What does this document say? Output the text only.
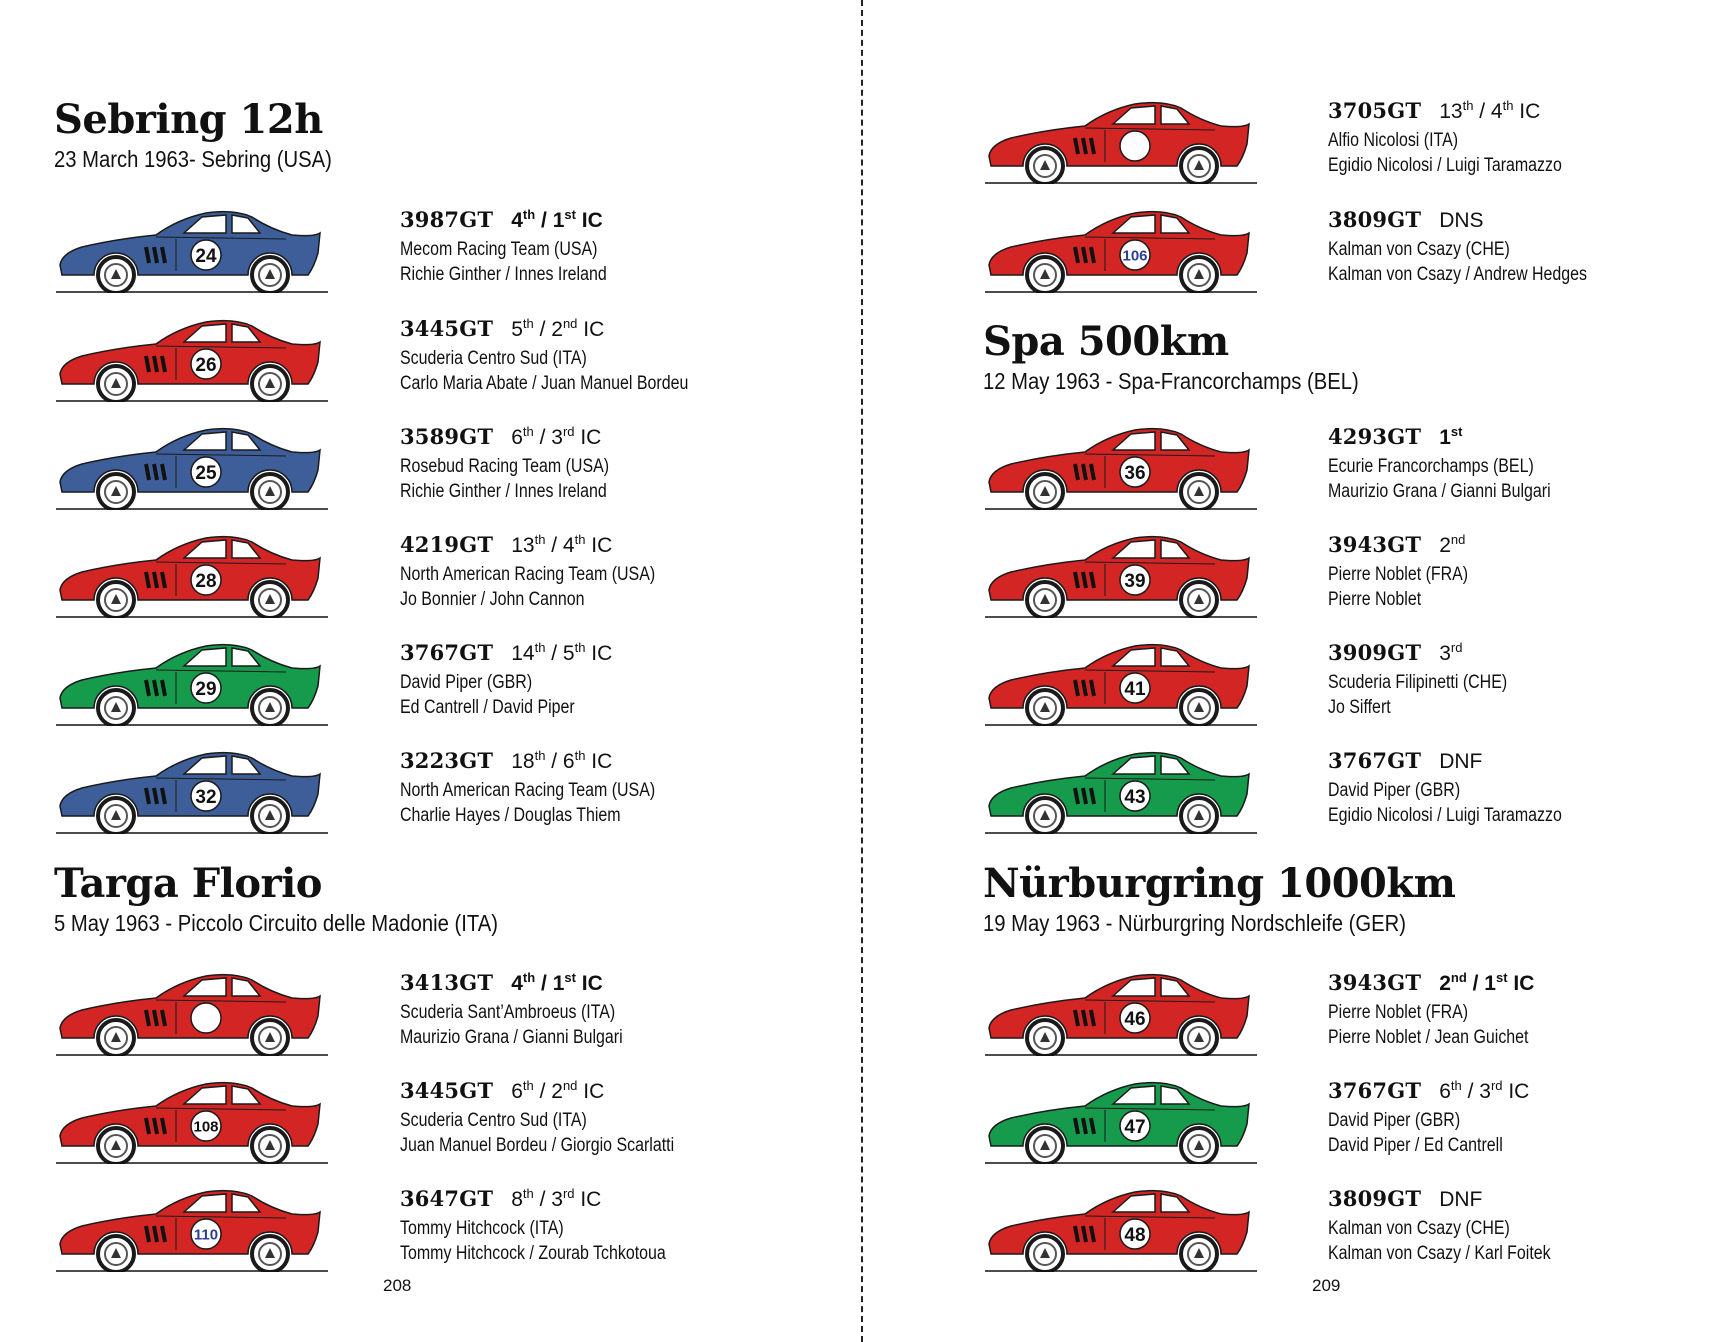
Sebring 12h

23 March 1963- Sebring (USA)

24
3987GT 4th / 1st IC
Mecom Racing Team (USA)
Richie Ginther / Innes Ireland
26
3445GT 5th / 2nd IC
Scuderia Centro Sud (ITA)
Carlo Maria Abate / Juan Manuel Bordeu
25
3589GT 6th / 3rd IC
Rosebud Racing Team (USA)
Richie Ginther / Innes Ireland
28
4219GT 13th / 4th IC
North American Racing Team (USA)
Jo Bonnier / John Cannon
29
3767GT 14th / 5th IC
David Piper (GBR)
Ed Cantrell / David Piper
32
3223GT 18th / 6th IC
North American Racing Team (USA)
Charlie Hayes / Douglas Thiem
Targa Florio

5 May 1963 - Piccolo Circuito delle Madonie (ITA)

104
3413GT 4th / 1st IC
Scuderia Sant’Ambroeus (ITA)
Maurizio Grana / Gianni Bulgari
108
3445GT 6th / 2nd IC
Scuderia Centro Sud (ITA)
Juan Manuel Bordeu / Giorgio Scarlatti
110
3647GT 8th / 3rd IC
Tommy Hitchcock (ITA)
Tommy Hitchcock / Zourab Tchkotoua
208
112
3705GT 13th / 4th IC
Alfio Nicolosi (ITA)
Egidio Nicolosi / Luigi Taramazzo
106
3809GT DNS
Kalman von Csazy (CHE)
Kalman von Csazy / Andrew Hedges
Spa 500km

12 May 1963 - Spa-Francorchamps (BEL)

36
4293GT 1st
Ecurie Francorchamps (BEL)
Maurizio Grana / Gianni Bulgari
39
3943GT 2nd
Pierre Noblet (FRA)
Pierre Noblet
41
3909GT 3rd
Scuderia Filipinetti (CHE)
Jo Siffert
43
3767GT DNF
David Piper (GBR)
Egidio Nicolosi / Luigi Taramazzo
Nürburgring 1000km

19 May 1963 - Nürburgring Nordschleife (GER)

46
3943GT 2nd / 1st IC
Pierre Noblet (FRA)
Pierre Noblet / Jean Guichet
47
3767GT 6th / 3rd IC
David Piper (GBR)
David Piper / Ed Cantrell
48
3809GT DNF
Kalman von Csazy (CHE)
Kalman von Csazy / Karl Foitek
209
